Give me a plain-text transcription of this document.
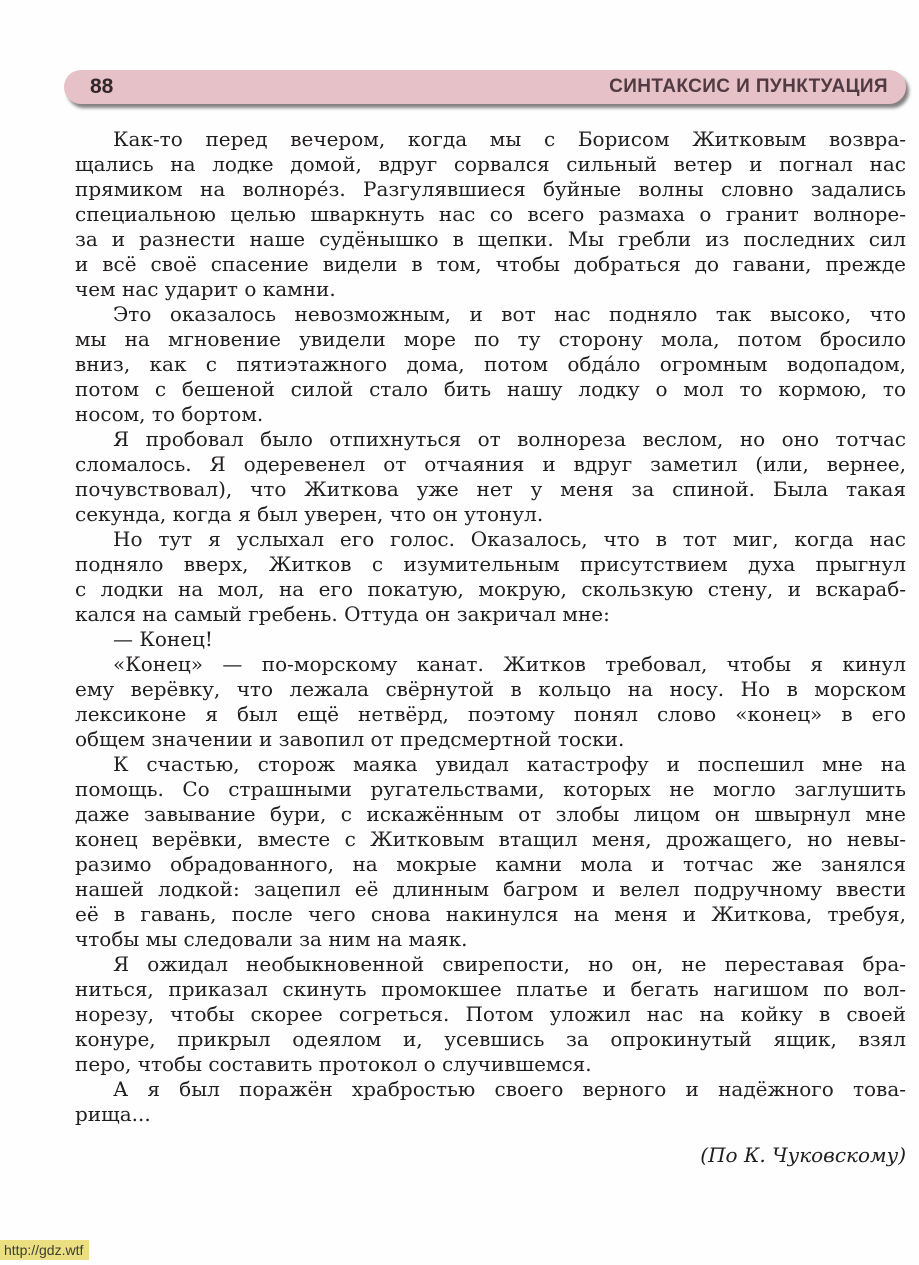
88	СИНТАКСИС И ПУНКТУАЦИЯ
Как-то перед вечером, когда мы с Борисом Житковым возвра-
щались на лодке домой, вдруг сорвался сильный ветер и погнал нас
прямиком на волноре́з. Разгулявшиеся буйные волны словно задались
специальною целью шваркнуть нас со всего размаха о гранит волноре-
за и разнести наше судёнышко в щепки. Мы гребли из последних сил
и всё своё спасение видели в том, чтобы добраться до гавани, прежде
чем нас ударит о камни.
Это оказалось невозможным, и вот нас подняло так высоко, что
мы на мгновение увидели море по ту сторону мола, потом бросило
вниз, как с пятиэтажного дома, потом обда́ло огромным водопадом,
потом с бешеной силой стало бить нашу лодку о мол то кормою, то
носом, то бортом.
Я пробовал было отпихнуться от волнореза веслом, но оно тотчас
сломалось. Я одеревенел от отчаяния и вдруг заметил (или, вернее,
почувствовал), что Житкова уже нет у меня за спиной. Была такая
секунда, когда я был уверен, что он утонул.
Но тут я услыхал его голос. Оказалось, что в тот миг, когда нас
подняло вверх, Житков с изумительным присутствием духа прыгнул
с лодки на мол, на его покатую, мокрую, скользкую стену, и вскараб-
кался на самый гребень. Оттуда он закричал мне:
— Конец!
«Конец» — по-морскому канат. Житков требовал, чтобы я кинул
ему верёвку, что лежала свёрнутой в кольцо на носу. Но в морском
лексиконе я был ещё нетвёрд, поэтому понял слово «конец» в его
общем значении и завопил от предсмертной тоски.
К счастью, сторож маяка увидал катастрофу и поспешил мне на
помощь. Со страшными ругательствами, которых не могло заглушить
даже завывание бури, с искажённым от злобы лицом он швырнул мне
конец верёвки, вместе с Житковым втащил меня, дрожащего, но невы-
разимо обрадованного, на мокрые камни мола и тотчас же занялся
нашей лодкой: зацепил её длинным багром и велел подручному ввести
её в гавань, после чего снова накинулся на меня и Житкова, требуя,
чтобы мы следовали за ним на маяк.
Я ожидал необыкновенной свирепости, но он, не переставая бра-
ниться, приказал скинуть промокшее платье и бегать нагишом по вол-
норезу, чтобы скорее согреться. Потом уложил нас на койку в своей
конуре, прикрыл одеялом и, усевшись за опрокинутый ящик, взял
перо, чтобы составить протокол о случившемся.
А я был поражён храбростью своего верного и надёжного това-
рища...
(По К. Чуковскому)
http://gdz.wtf
